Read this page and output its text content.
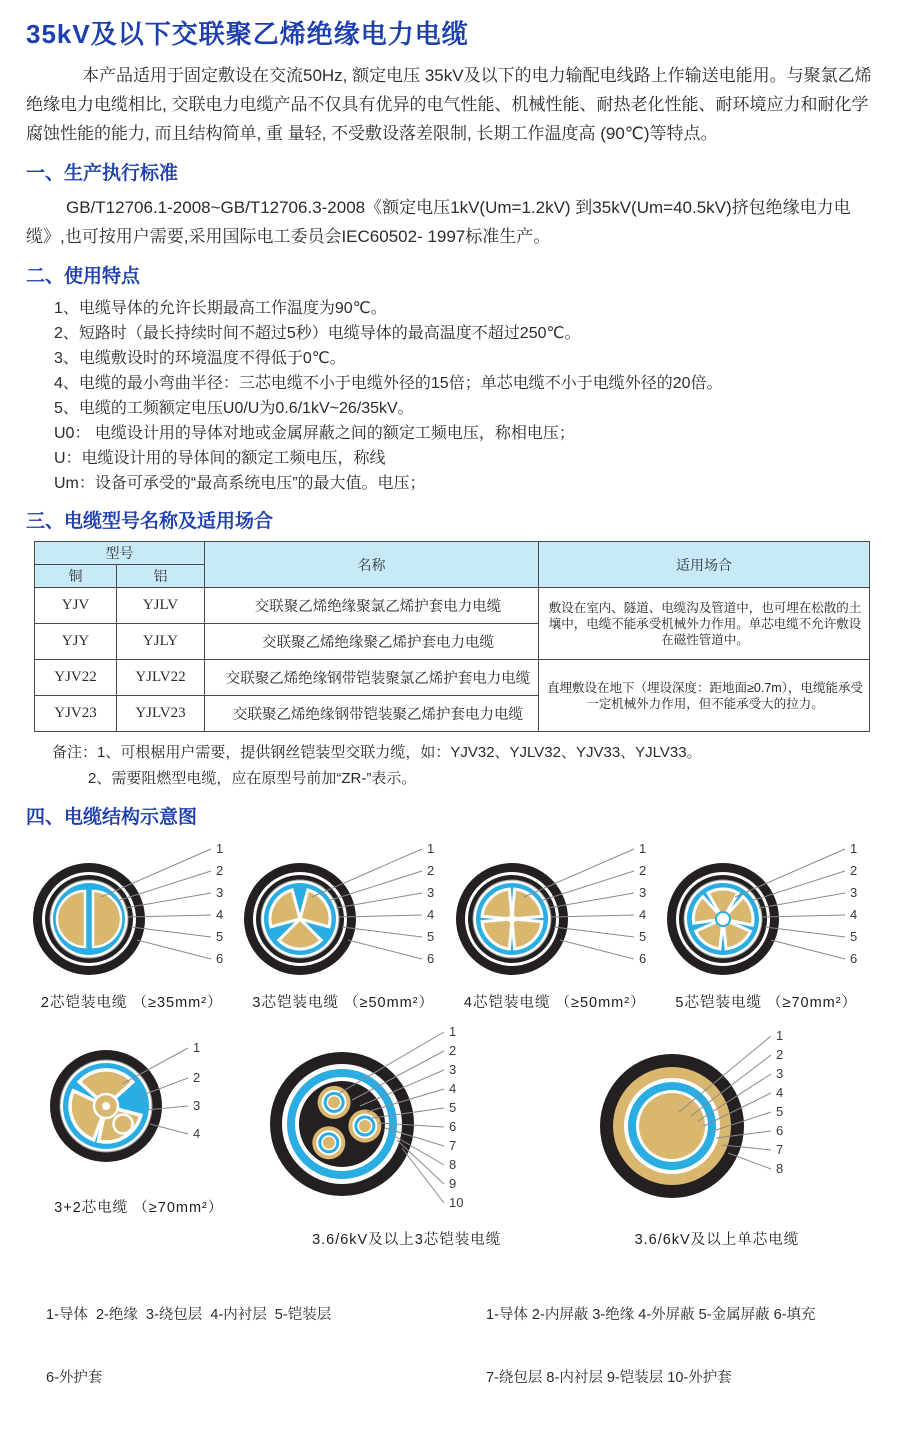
35kV及以下交联聚乙烯绝缘电力电缆

本产品适用于固定敷设在交流50Hz, 额定电压 35kV及以下的电力输配电线路上作输送电能用。与聚氯乙烯绝缘电力电缆相比, 交联电力电缆产品不仅具有优异的电气性能、机械性能、耐热老化性能、耐环境应力和耐化学腐蚀性能的能力, 而且结构简单, 重 量轻, 不受敷设落差限制, 长期工作温度高 (90℃)等特点。

一、生产执行标准

GB/T12706.1-2008~GB/T12706.3-2008《额定电压1kV(Um=1.2kV) 到35kV(Um=40.5kV)挤包绝缘电力电缆》,也可按用户需要,采用国际电工委员会IEC60502- 1997标准生产。

二、使用特点
1、电缆导体的允许长期最高工作温度为90℃。
2、短路时（最长持续时间不超过5秒）电缆导体的最高温度不超过250℃。
3、电缆敷设时的环境温度不得低于0℃。
4、电缆的最小弯曲半径：三芯电缆不小于电缆外径的15倍；单芯电缆不小于电缆外径的20倍。
5、电缆的工频额定电压U0/U为0.6/1kV~26/35kV。
U0： 电缆设计用的导体对地或金属屏蔽之间的额定工频电压，称相电压；
U：电缆设计用的导体间的额定工频电压，称线
Um：设备可承受的“最高系统电压”的最大值。电压；
三、电缆型号名称及适用场合
型号		名称	适用场合
铜	铝		
YJV	YJLV	交联聚乙烯绝缘聚氯乙烯护套电力电缆	敷设在室内、隧道、电缆沟及管道中，也可埋在松散的土壤中，电缆不能承受机械外力作用。单芯电缆不允许敷设在磁性管道中。
YJY	YJLY	交联聚乙烯绝缘聚乙烯护套电力电缆	
YJV22	YJLV22	交联聚乙烯绝缘钢带铠装聚氯乙烯护套电力电缆	直埋敷设在地下（埋设深度：距地面≥0.7m），电缆能承受一定机械外力作用，但不能承受大的拉力。
YJV23	YJLV23	交联聚乙烯绝缘钢带铠装聚乙烯护套电力电缆	
备注：1、可根椐用户需要，提供钢丝铠装型交联力缆，如：YJV32、YJLV32、YJV33、YJLV33。
2、需要阻燃型电缆，应在原型号前加“ZR-”表示。
四、电缆结构示意图
1
2
3
4
5
6
2芯铠装电缆 （≥35mm²）
1
2
3
4
5
6
3芯铠装电缆 （≥50mm²）
1
2
3
4
5
6
4芯铠装电缆 （≥50mm²）
1
2
3
4
5
6
5芯铠装电缆 （≥70mm²）
1
2
3
4
3+2芯电缆 （≥70mm²）
1
2
3
4
5
6
7
8
9
10
3.6/6kV及以上3芯铠装电缆
1
2
3
4
5
6
7
8
3.6/6kV及以上单芯电缆

1-导体  2-绝缘  3-绕包层  4-内衬层  5-铠装层

6-外护套

1-导体 2-内屏蔽 3-绝缘 4-外屏蔽 5-金属屏蔽 6-填充

7-绕包层 8-内衬层 9-铠装层 10-外护套
